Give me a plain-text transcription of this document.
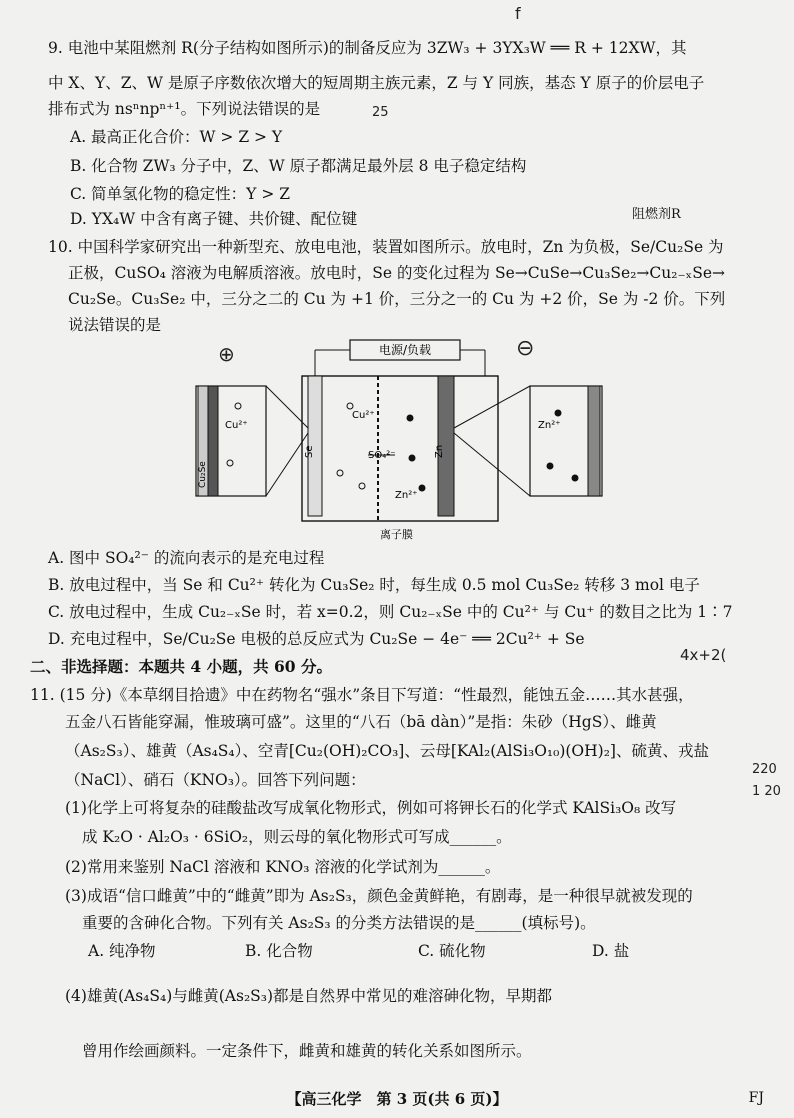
9. 电池中某阻燃剂 R(分子结构如图所示)的制备反应为 3ZW₃ + 3YX₃W ══ R + 12XW，其
中 X、Y、Z、W 是原子序数依次增大的短周期主族元素，Z 与 Y 同族，基态 Y 原子的价层电子
排布式为 nsⁿnpⁿ⁺¹。下列说法错误的是
A. 最高正化合价：W > Z > Y
B. 化合物 ZW₃ 分子中，Z、W 原子都满足最外层 8 电子稳定结构
C. 简单氢化物的稳定性：Y > Z
D. YX₄W 中含有离子键、共价键、配位键	阻燃剂R
10. 中国科学家研究出一种新型充、放电电池，装置如图所示。放电时，Zn 为负极，Se/Cu₂Se 为
正极，CuSO₄ 溶液为电解质溶液。放电时，Se 的变化过程为 Se→CuSe→Cu₃Se₂→Cu₂₋ₓSe→
Cu₂Se。Cu₃Se₂ 中，三分之二的 Cu 为 +1 价，三分之一的 Cu 为 +2 价，Se 为 -2 价。下列
说法错误的是
电源/负载
Se	Zn
Cu²⁺
SO₄²⁻
Zn²⁺
离子膜
Cu²⁺
Cu₂Se
Zn²⁺
A. 图中 SO₄²⁻ 的流向表示的是充电过程
B. 放电过程中，当 Se 和 Cu²⁺ 转化为 Cu₃Se₂ 时，每生成 0.5 mol Cu₃Se₂ 转移 3 mol 电子
C. 放电过程中，生成 Cu₂₋ₓSe 时，若 x=0.2，则 Cu₂₋ₓSe 中的 Cu²⁺ 与 Cu⁺ 的数目之比为 1∶7
D. 充电过程中，Se/Cu₂Se 电极的总反应式为 Cu₂Se − 4e⁻ ══ 2Cu²⁺ + Se
二、非选择题：本题共 4 小题，共 60 分。
11. (15 分)《本草纲目拾遗》中在药物名“强水”条目下写道：“性最烈，能蚀五金……其水甚强，
五金八石皆能穿漏，惟玻璃可盛”。这里的“八石（bā dàn）”是指：朱砂（HgS）、雌黄
（As₂S₃）、雄黄（As₄S₄）、空青[Cu₂(OH)₂CO₃]、云母[KAl₂(AlSi₃O₁₀)(OH)₂]、硫黄、戎盐
（NaCl）、硝石（KNO₃）。回答下列问题：
(1)化学上可将复杂的硅酸盐改写成氧化物形式，例如可将钾长石的化学式 KAlSi₃O₈ 改写
成 K₂O · Al₂O₃ · 6SiO₂，则云母的氧化物形式可写成______。
(2)常用来鉴别 NaCl 溶液和 KNO₃ 溶液的化学试剂为______。
(3)成语“信口雌黄”中的“雌黄”即为 As₂S₃，颜色金黄鲜艳，有剧毒，是一种很早就被发现的
重要的含砷化合物。下列有关 As₂S₃ 的分类方法错误的是______(填标号)。
A. 纯净物	B. 化合物	C. 硫化物	D. 盐
(4)雄黄(As₄S₄)与雌黄(As₂S₃)都是自然界中常见的难溶砷化物，早期都
曾用作绘画颜料。一定条件下，雌黄和雄黄的转化关系如图所示。
f
25
⊕	⊖
4x+2(
220
1 20
【高三化学　第 3 页(共 6 页)】	FJ
